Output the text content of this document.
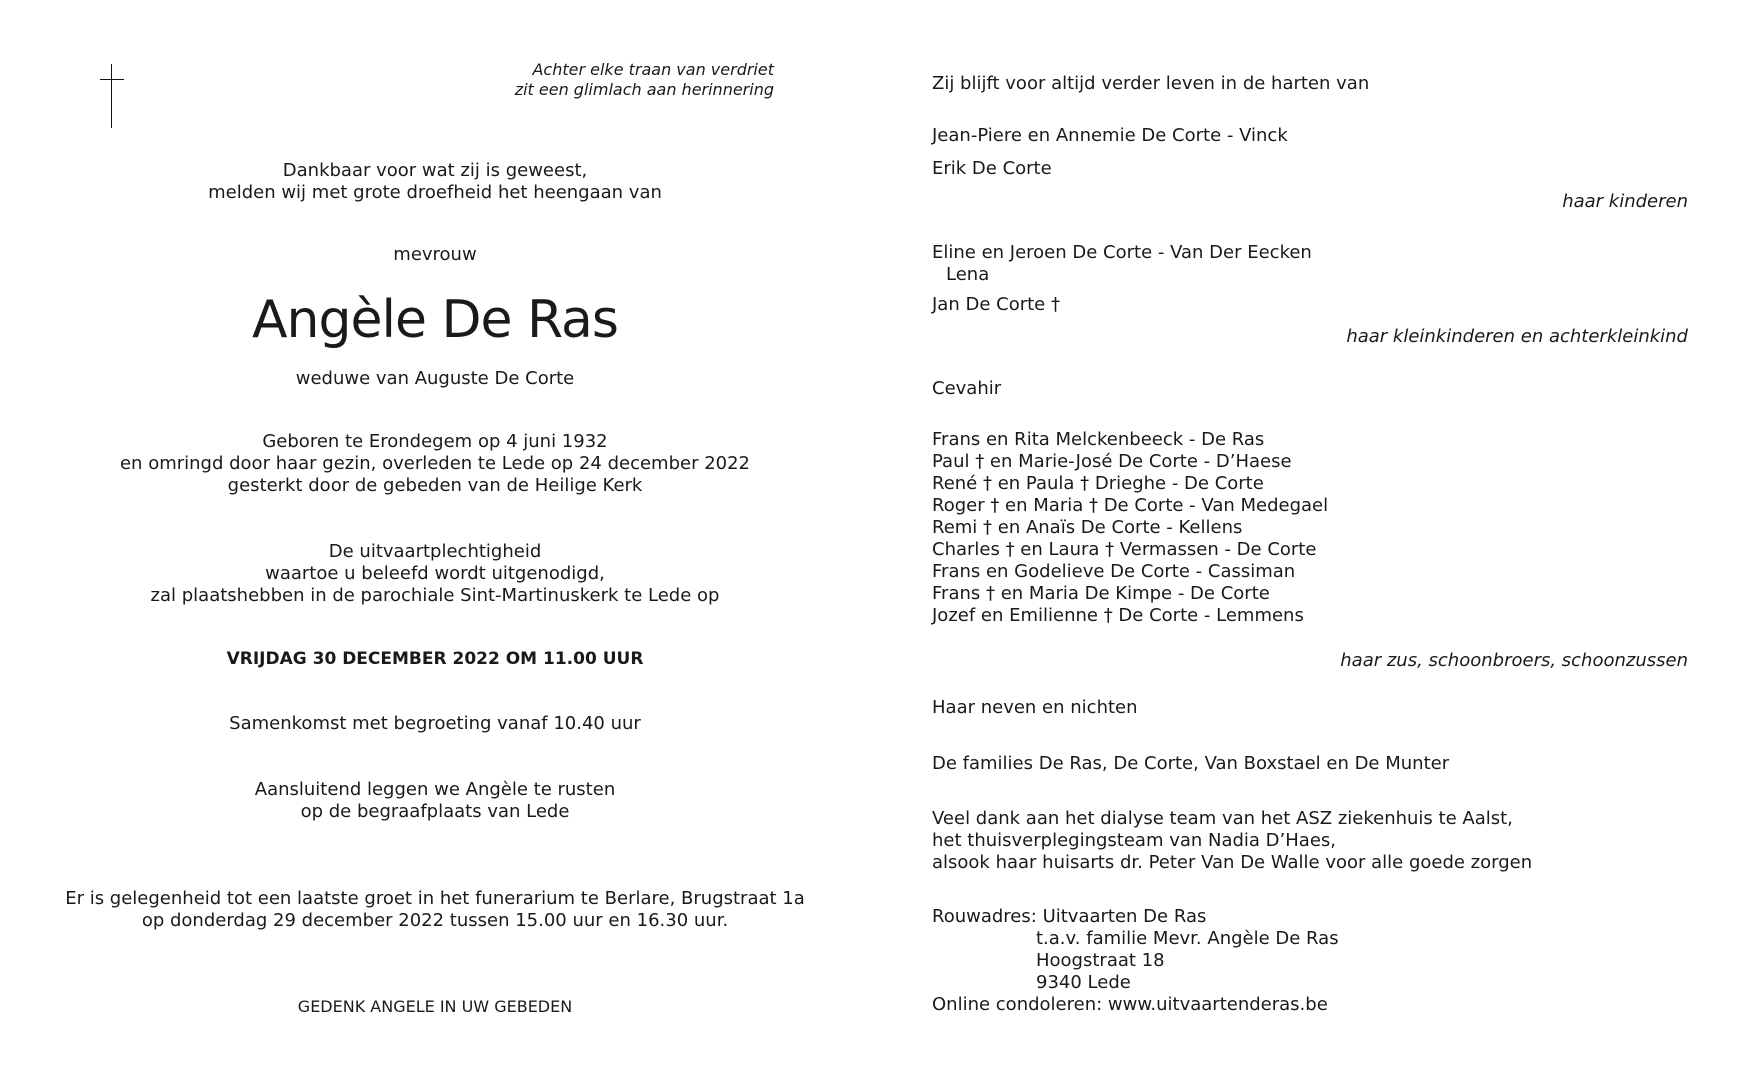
Achter elke traan van verdriet
zit een glimlach aan herinnering
Dankbaar voor wat zij is geweest,
melden wij met grote droefheid het heengaan van
mevrouw
Angèle De Ras
weduwe van Auguste De Corte
Geboren te Erondegem op 4 juni 1932
en omringd door haar gezin, overleden te Lede op 24 december 2022
gesterkt door de gebeden van de Heilige Kerk
De uitvaartplechtigheid
waartoe u beleefd wordt uitgenodigd,
zal plaatshebben in de parochiale Sint-Martinuskerk te Lede op
VRIJDAG 30 DECEMBER 2022 OM 11.00 UUR
Samenkomst met begroeting vanaf 10.40 uur
Aansluitend leggen we Angèle te rusten
op de begraafplaats van Lede
Er is gelegenheid tot een laatste groet in het funerarium te Berlare, Brugstraat 1a
op donderdag 29 december 2022 tussen 15.00 uur en 16.30 uur.
GEDENK ANGELE IN UW GEBEDEN
Zij blijft voor altijd verder leven in de harten van
Jean-Piere en Annemie De Corte - Vinck
Erik De Corte
haar kinderen
Eline en Jeroen De Corte - Van Der Eecken
Lena
Jan De Corte †
haar kleinkinderen en achterkleinkind
Cevahir
Frans en Rita Melckenbeeck - De Ras
Paul † en Marie-José De Corte - D’Haese
René † en Paula † Drieghe - De Corte
Roger † en Maria † De Corte - Van Medegael
Remi † en Anaïs De Corte - Kellens
Charles † en Laura † Vermassen - De Corte
Frans en Godelieve De Corte - Cassiman
Frans † en Maria De Kimpe - De Corte
Jozef en Emilienne † De Corte - Lemmens
haar zus, schoonbroers, schoonzussen
Haar neven en nichten
De families De Ras, De Corte, Van Boxstael en De Munter
Veel dank aan het dialyse team van het ASZ ziekenhuis te Aalst,
het thuisverplegingsteam van Nadia D’Haes,
alsook haar huisarts dr. Peter Van De Walle voor alle goede zorgen
Rouwadres: Uitvaarten De Ras
t.a.v. familie Mevr. Angèle De Ras
Hoogstraat 18
9340 Lede
Online condoleren: www.uitvaartenderas.be
